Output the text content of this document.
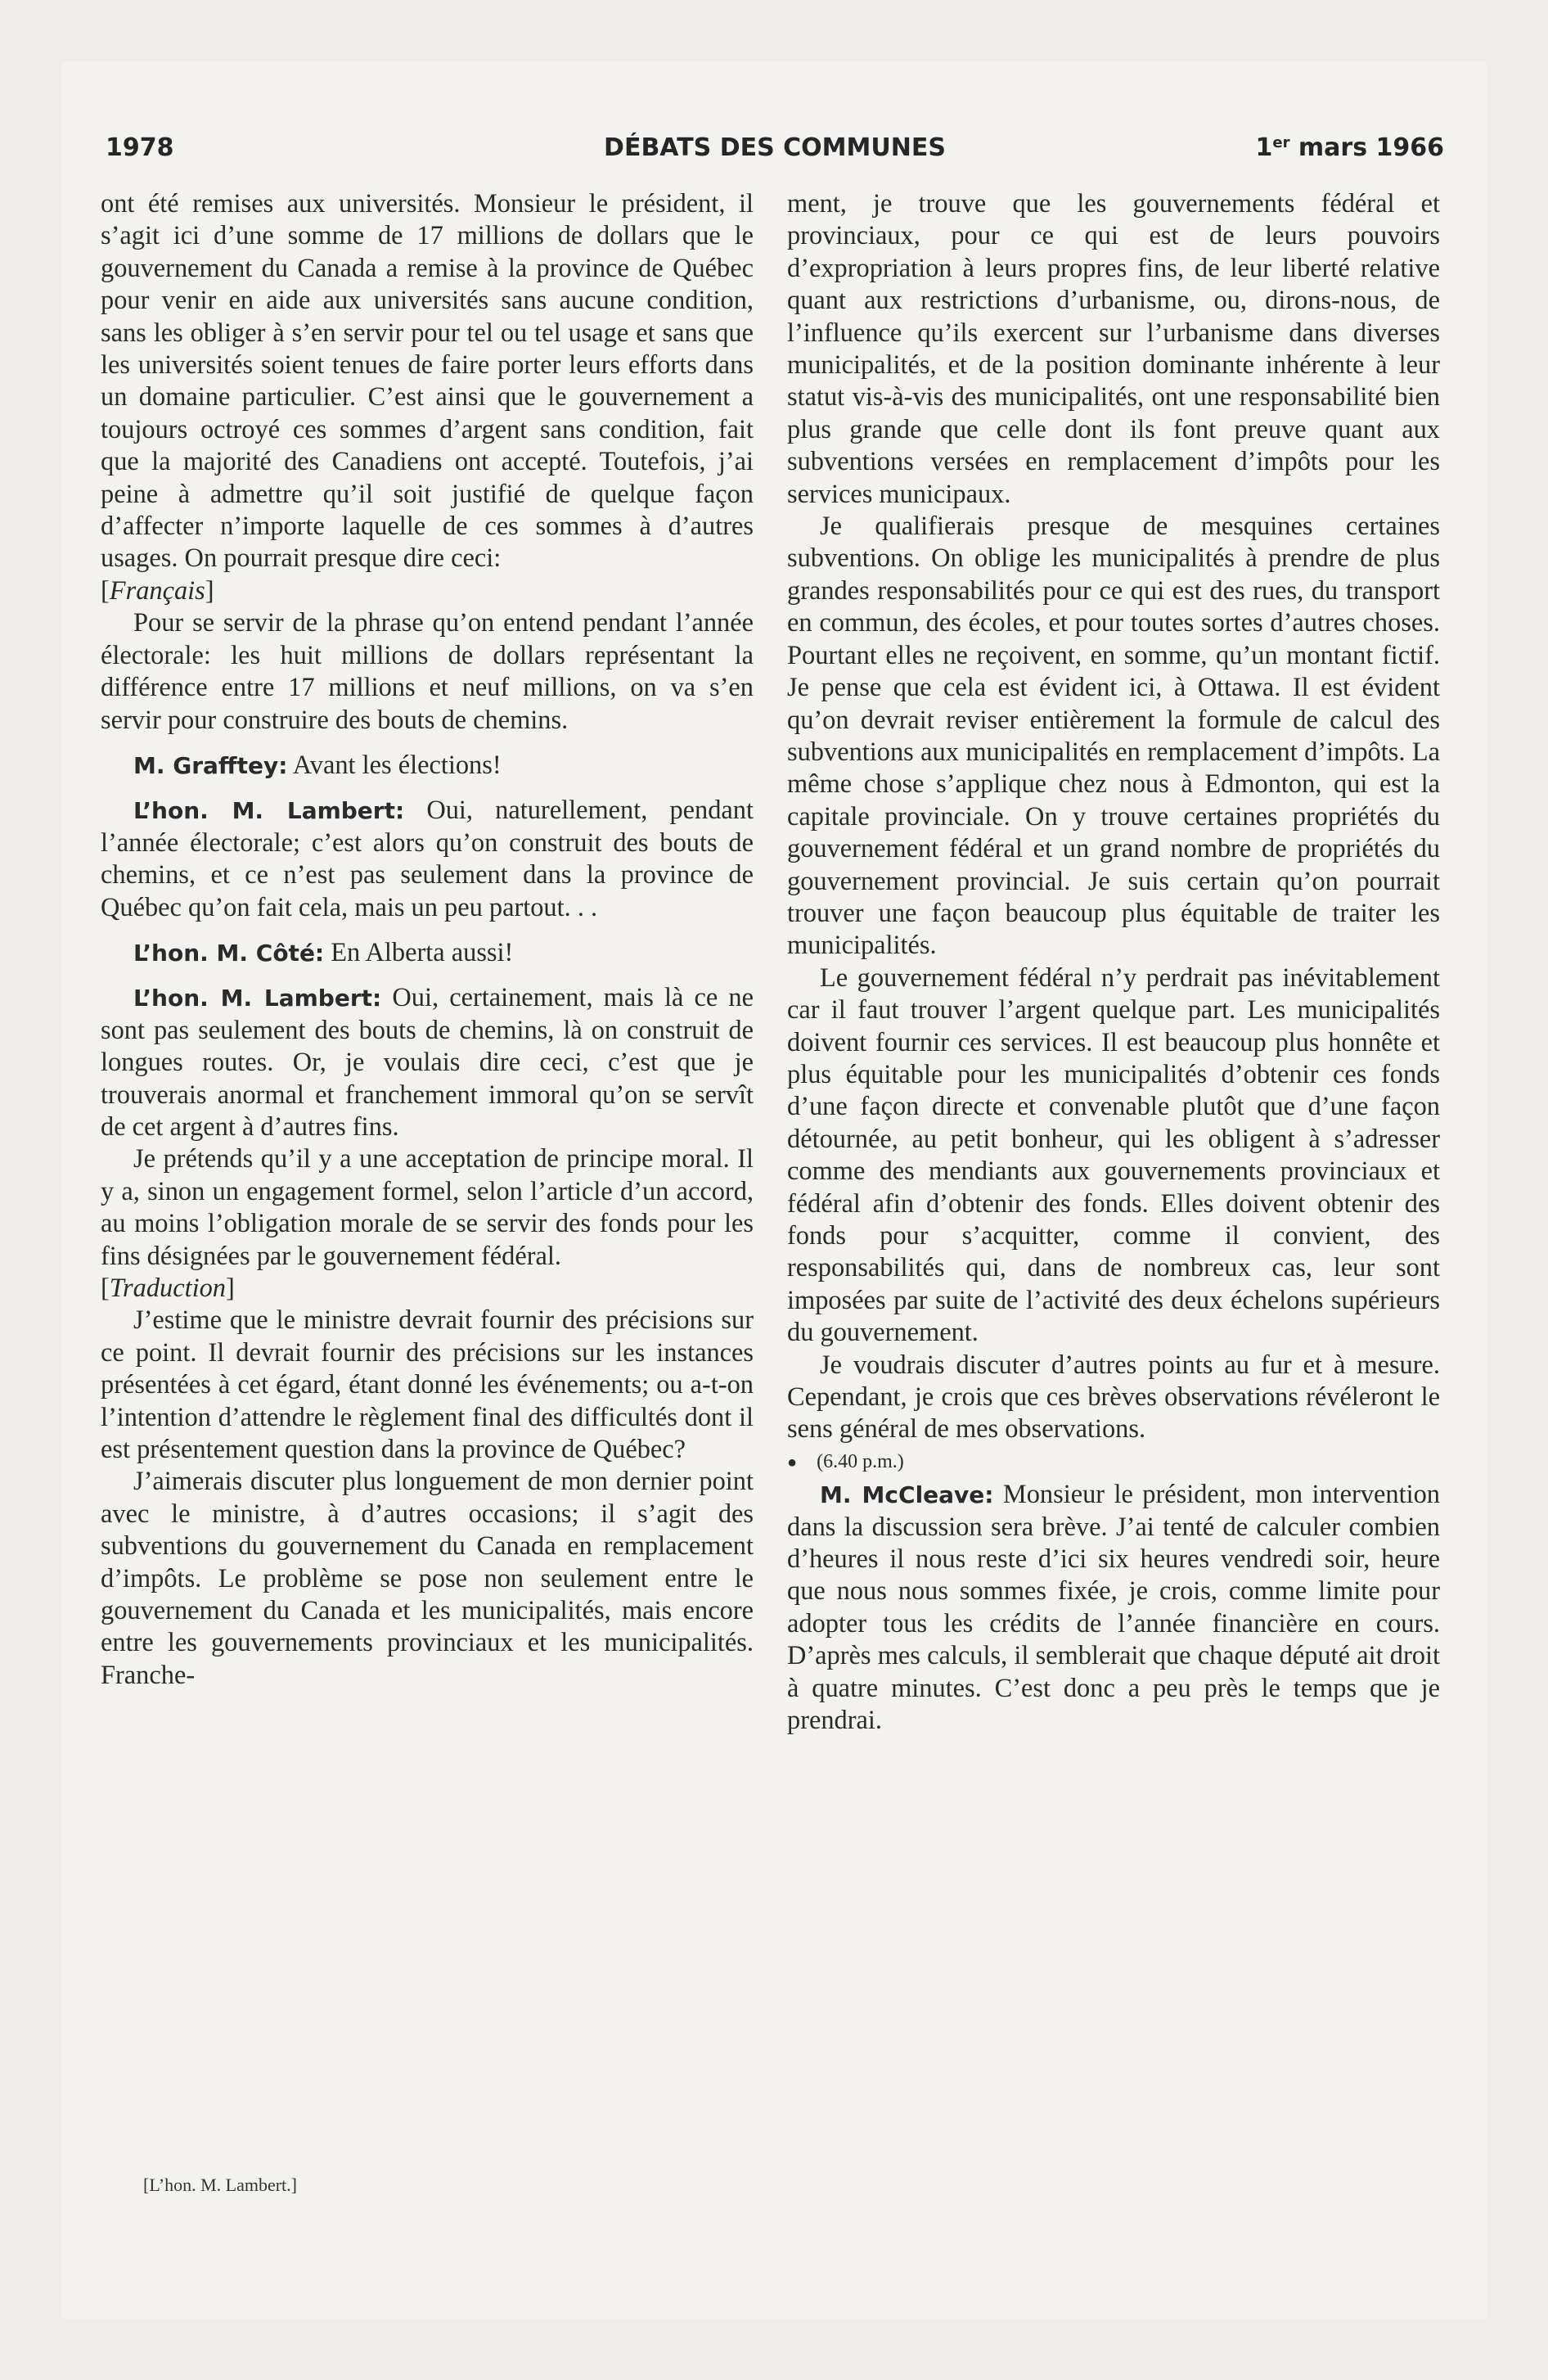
1978	DÉBATS DES COMMUNES	1er mars 1966

ont été remises aux universités. Monsieur le président, il s’agit ici d’une somme de 17 millions de dollars que le gouvernement du Canada a remise à la province de Québec pour venir en aide aux universités sans aucune condition, sans les obliger à s’en servir pour tel ou tel usage et sans que les universités soient tenues de faire porter leurs efforts dans un domaine particulier. C’est ainsi que le gouvernement a toujours octroyé ces sommes d’argent sans condition, fait que la majorité des Canadiens ont accepté. Toutefois, j’ai peine à admettre qu’il soit justifié de quelque façon d’affecter n’importe laquelle de ces sommes à d’autres usages. On pourrait presque dire ceci:

[Français]

Pour se servir de la phrase qu’on entend pendant l’année électorale: les huit millions de dollars représentant la différence entre 17 millions et neuf millions, on va s’en servir pour construire des bouts de chemins.

M. Grafftey: Avant les élections!

L’hon. M. Lambert: Oui, naturellement, pendant l’année électorale; c’est alors qu’on construit des bouts de chemins, et ce n’est pas seulement dans la province de Québec qu’on fait cela, mais un peu partout. . .

L’hon. M. Côté: En Alberta aussi!

L’hon. M. Lambert: Oui, certainement, mais là ce ne sont pas seulement des bouts de chemins, là on construit de longues routes. Or, je voulais dire ceci, c’est que je trouverais anormal et franchement immoral qu’on se servît de cet argent à d’autres fins.

Je prétends qu’il y a une acceptation de principe moral. Il y a, sinon un engagement formel, selon l’article d’un accord, au moins l’obligation morale de se servir des fonds pour les fins désignées par le gouvernement fédéral.

[Traduction]

J’estime que le ministre devrait fournir des précisions sur ce point. Il devrait fournir des précisions sur les instances présentées à cet égard, étant donné les événements; ou a-t-on l’intention d’attendre le règlement final des difficultés dont il est présentement question dans la province de Québec?

J’aimerais discuter plus longuement de mon dernier point avec le ministre, à d’autres occasions; il s’agit des subventions du gouvernement du Canada en remplacement d’impôts. Le problème se pose non seulement entre le gouvernement du Canada et les municipalités, mais encore entre les gouvernements provinciaux et les municipalités. Franche-

ment, je trouve que les gouvernements fédéral et provinciaux, pour ce qui est de leurs pouvoirs d’expropriation à leurs propres fins, de leur liberté relative quant aux restrictions d’urbanisme, ou, dirons-nous, de l’influence qu’ils exercent sur l’urbanisme dans diverses municipalités, et de la position dominante inhérente à leur statut vis-à-vis des municipalités, ont une responsabilité bien plus grande que celle dont ils font preuve quant aux subventions versées en remplacement d’impôts pour les services municipaux.

Je qualifierais presque de mesquines certaines subventions. On oblige les municipalités à prendre de plus grandes responsabilités pour ce qui est des rues, du transport en commun, des écoles, et pour toutes sortes d’autres choses. Pourtant elles ne reçoivent, en somme, qu’un montant fictif. Je pense que cela est évident ici, à Ottawa. Il est évident qu’on devrait reviser entièrement la formule de calcul des subventions aux municipalités en remplacement d’impôts. La même chose s’applique chez nous à Edmonton, qui est la capitale provinciale. On y trouve certaines propriétés du gouvernement fédéral et un grand nombre de propriétés du gouvernement provincial. Je suis certain qu’on pourrait trouver une façon beaucoup plus équitable de traiter les municipalités.

Le gouvernement fédéral n’y perdrait pas inévitablement car il faut trouver l’argent quelque part. Les municipalités doivent fournir ces services. Il est beaucoup plus honnête et plus équitable pour les municipalités d’obtenir ces fonds d’une façon directe et convenable plutôt que d’une façon détournée, au petit bonheur, qui les obligent à s’adresser comme des mendiants aux gouvernements provinciaux et fédéral afin d’obtenir des fonds. Elles doivent obtenir des fonds pour s’acquitter, comme il convient, des responsabilités qui, dans de nombreux cas, leur sont imposées par suite de l’activité des deux échelons supérieurs du gouvernement.

Je voudrais discuter d’autres points au fur et à mesure. Cependant, je crois que ces brèves observations révéleront le sens général de mes observations.

● (6.40 p.m.)

M. McCleave: Monsieur le président, mon intervention dans la discussion sera brève. J’ai tenté de calculer combien d’heures il nous reste d’ici six heures vendredi soir, heure que nous nous sommes fixée, je crois, comme limite pour adopter tous les crédits de l’année financière en cours. D’après mes calculs, il semblerait que chaque député ait droit à quatre minutes. C’est donc a peu près le temps que je prendrai.

[L’hon. M. Lambert.]
